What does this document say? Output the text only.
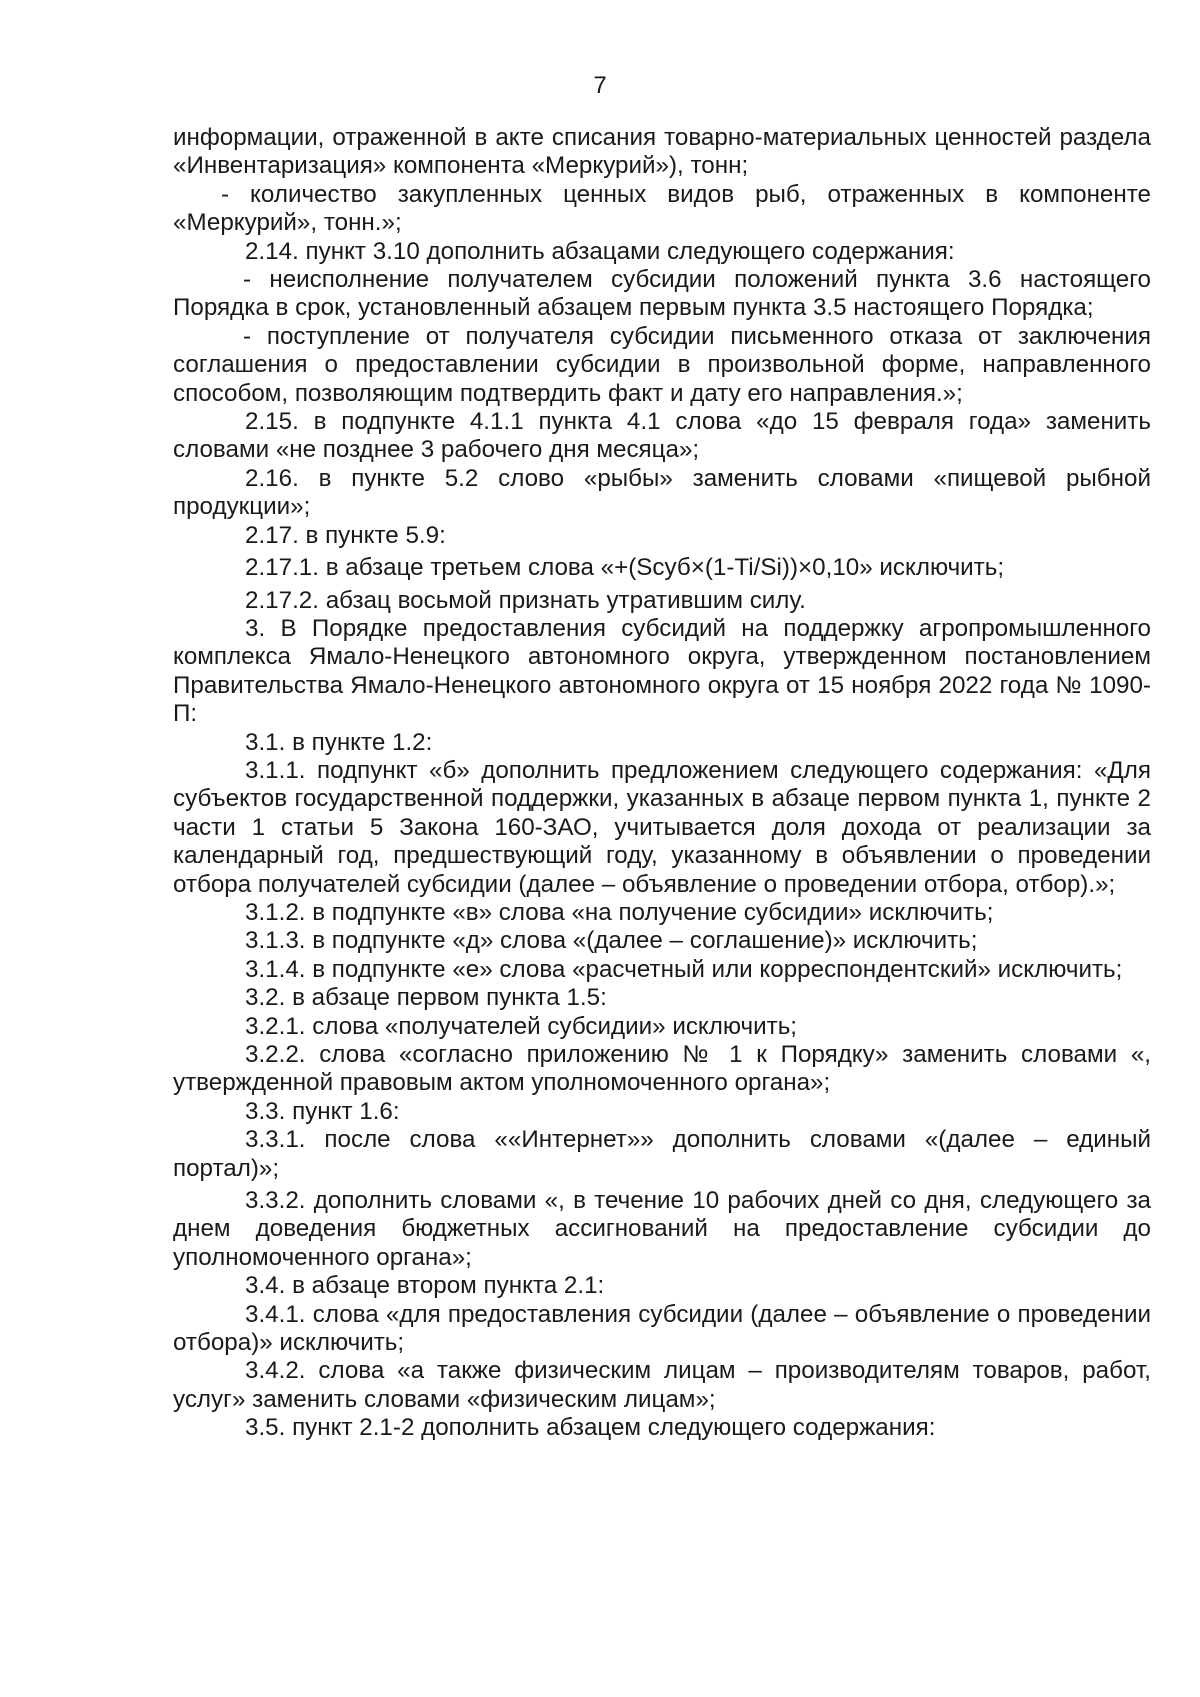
7

информации, отраженной в акте списания товарно-материальных ценностей раздела «Инвентаризация» компонента «Меркурий»), тонн;

- количество закупленных ценных видов рыб, отраженных в компоненте «Меркурий», тонн.»;

2.14. пункт 3.10 дополнить абзацами следующего содержания:

- неисполнение получателем субсидии положений пункта 3.6 настоящего Порядка в срок, установленный абзацем первым пункта 3.5 настоящего Порядка;

- поступление от получателя субсидии письменного отказа от заключения соглашения о предоставлении субсидии в произвольной форме, направленного способом, позволяющим подтвердить факт и дату его направления.»;

2.15. в подпункте 4.1.1 пункта 4.1 слова «до 15 февраля года» заменить словами «не позднее 3 рабочего дня месяца»;

2.16. в пункте 5.2 слово «рыбы» заменить словами «пищевой рыбной продукции»;

2.17. в пункте 5.9:

2.17.1. в абзаце третьем слова «+(Sсуб×(1-Ti/Si))×0,10» исключить;

2.17.2. абзац восьмой признать утратившим силу.

3. В Порядке предоставления субсидий на поддержку агропромышленного комплекса Ямало-Ненецкого автономного округа, утвержденном постановлением Правительства Ямало-Ненецкого автономного округа от 15 ноября 2022 года № 1090-П:

3.1. в пункте 1.2:

3.1.1. подпункт «б» дополнить предложением следующего содержания: «Для субъектов государственной поддержки, указанных в абзаце первом пункта 1, пункте 2 части 1 статьи 5 Закона 160-ЗАО, учитывается доля дохода от реализации за календарный год, предшествующий году, указанному в объявлении о проведении отбора получателей субсидии (далее – объявление о проведении отбора, отбор).»;

3.1.2. в подпункте «в» слова «на получение субсидии» исключить;

3.1.3. в подпункте «д» слова «(далее – соглашение)» исключить;

3.1.4. в подпункте «е» слова «расчетный или корреспондентский» исключить;

3.2. в абзаце первом пункта 1.5:

3.2.1. слова «получателей субсидии» исключить;

3.2.2. слова «согласно приложению № 1 к Порядку» заменить словами «, утвержденной правовым актом уполномоченного органа»;

3.3. пункт 1.6:

3.3.1. после слова ««Интернет»» дополнить словами «(далее – единый портал)»;

3.3.2. дополнить словами «, в течение 10 рабочих дней со дня, следующего за днем доведения бюджетных ассигнований на предоставление субсидии до уполномоченного органа»;

3.4. в абзаце втором пункта 2.1:

3.4.1. слова «для предоставления субсидии (далее – объявление о проведении отбора)» исключить;

3.4.2. слова «а также физическим лицам – производителям товаров, работ, услуг» заменить словами «физическим лицам»;

3.5. пункт 2.1-2 дополнить абзацем следующего содержания:
